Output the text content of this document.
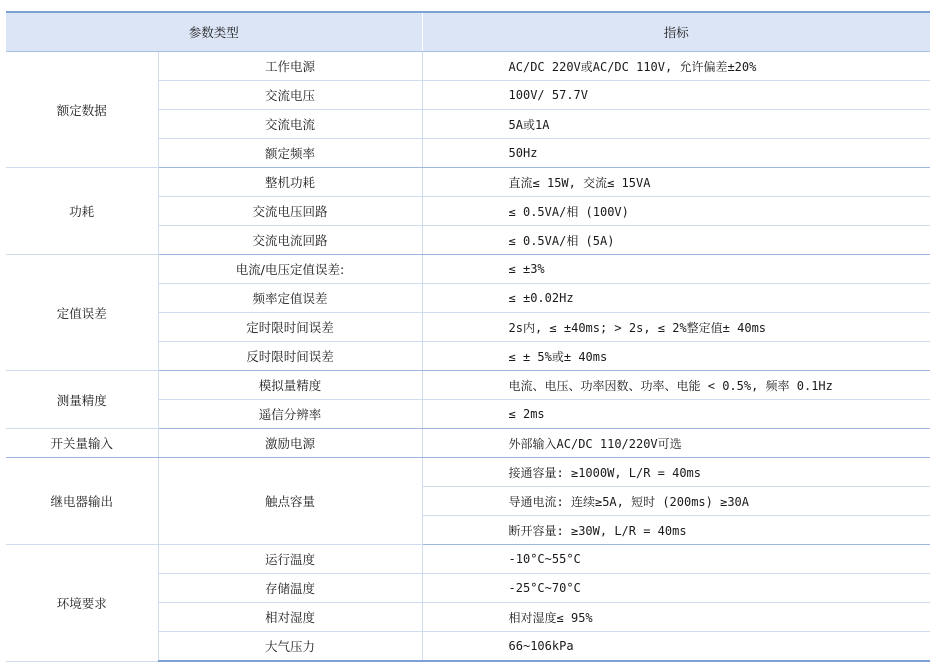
参数类型		指标
额定数据	工作电源	AC/DC 220V或AC/DC 110V, 允许偏差±20%
	交流电压	100V/ 57.7V
	交流电流	5A或1A
	额定频率	50Hz
功耗	整机功耗	直流≤ 15W, 交流≤ 15VA
	交流电压回路	≤ 0.5VA/相 (100V)
	交流电流回路	≤ 0.5VA/相 (5A)
定值误差	电流/电压定值误差:	≤ ±3%
	频率定值误差	≤ ±0.02Hz
	定时限时间误差	2s内, ≤ ±40ms; > 2s, ≤ 2%整定值± 40ms
	反时限时间误差	≤ ± 5%或± 40ms
测量精度	模拟量精度	电流、电压、功率因数、功率、电能 < 0.5%, 频率 0.1Hz
	遥信分辨率	≤ 2ms
开关量输入	激励电源	外部输入AC/DC 110/220V可选
继电器输出	触点容量	接通容量: ≥1000W, L/R = 40ms
		导通电流: 连续≥5A, 短时 (200ms) ≥30A
		断开容量: ≥30W, L/R = 40ms
环境要求	运行温度	-10°C~55°C
	存储温度	-25°C~70°C
	相对湿度	相对湿度≤ 95%
	大气压力	66~106kPa
